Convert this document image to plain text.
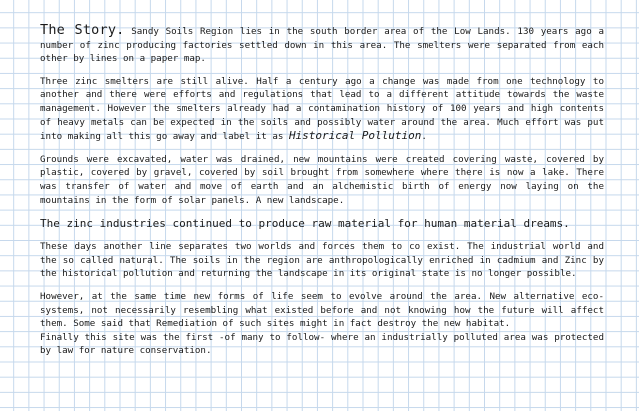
The Story. Sandy Soils Region lies in the south border area of the Low Lands. 130 years ago a number of zinc producing factories settled down in this area. The smelters were separated from each other by lines on a paper map.

Three zinc smelters are still alive. Half a century ago a change was made from one technology to another and there were efforts and regulations that lead to a different attitude towards the waste management. However the smelters already had a contamination history of 100 years and high contents of heavy metals can be expected in the soils and possibly water around the area. Much effort was put into making all this go away and label it as Historical Pollution.

Grounds were excavated, water was drained, new mountains were created covering waste, covered by plastic, covered by gravel, covered by soil brought from somewhere where there is now a lake. There was transfer of water and move of earth and an alchemistic birth of energy now laying on the mountains in the form of solar panels. A new landscape.

The zinc industries continued to produce raw material for human material dreams.

These days another line separates two worlds and forces them to co exist. The industrial world and the so called natural. The soils in the region are anthropologically enriched in cadmium and Zinc by the historical pollution and returning the landscape in its original state is no longer possible.

However, at the same time new forms of life seem to evolve around the area. New alternative eco-systems, not necessarily resembling what existed before and not knowing how the future will affect them. Some said that Remediation of such sites might in fact destroy the new habitat.

Finally this site was the first -of many to follow- where an industrially polluted area was protected by law for nature conservation.
